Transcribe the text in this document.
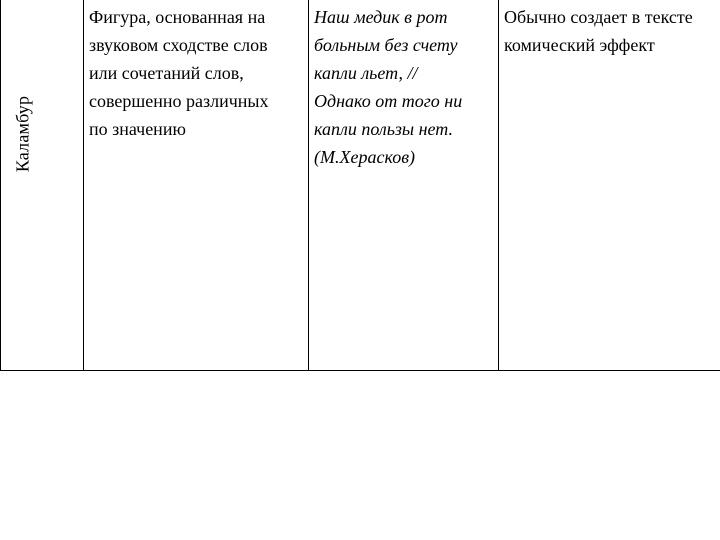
Каламбур
Фигура, основанная на
звуковом сходстве слов
или сочетаний слов,
совершенно различных
по значению
Наш медик в рот
больным без счету
капли льет, //
Однако от того ни
капли пользы нет.
(М.Херасков)
Обычно создает в тексте
комический эффект
